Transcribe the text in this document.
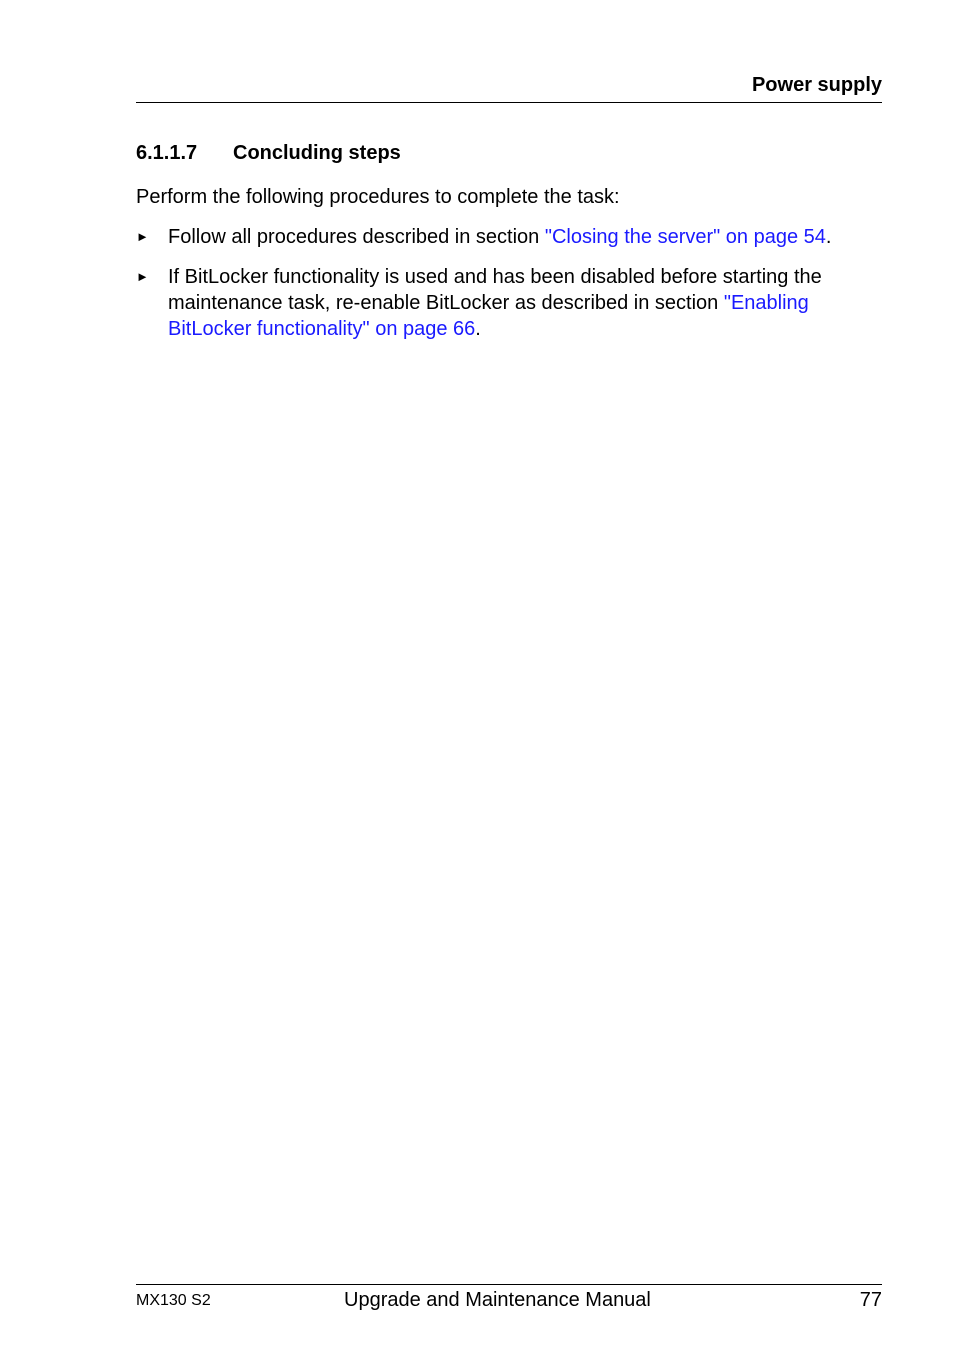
Power supply
6.1.1.7 Concluding steps
Perform the following procedures to complete the task:
► Follow all procedures described in section "Closing the server" on page 54.
► If BitLocker functionality is used and has been disabled before starting the maintenance task, re-enable BitLocker as described in section "Enabling BitLocker functionality" on page 66.
MX130 S2	Upgrade and Maintenance Manual	77
